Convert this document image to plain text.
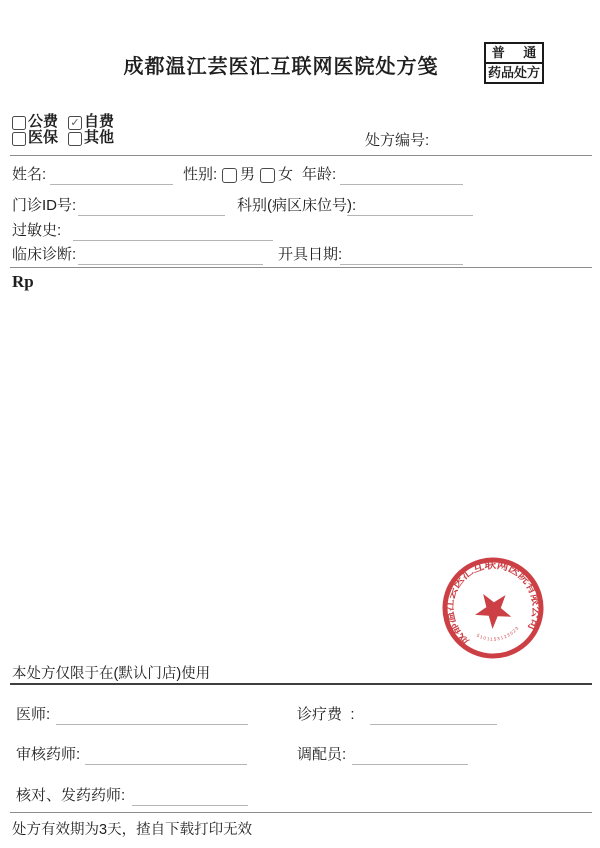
成都温江芸医汇互联网医院处方笺
普 通
药品处方
公费 ✓ 自费
医保 其他	处方编号:
姓名:	性别: 男 女 年龄:
门诊ID号:	科别(病区床位号):
过敏史:
临床诊断:	开具日期:
Rp
成都温江芸医汇互联网医院有限公司
5101153123023
本处方仅限于在(默认门店)使用
医师:	诊疗费  :
审核药师:	调配员:
核对、发药药师:
处方有效期为3天，揸自下载打印无效
